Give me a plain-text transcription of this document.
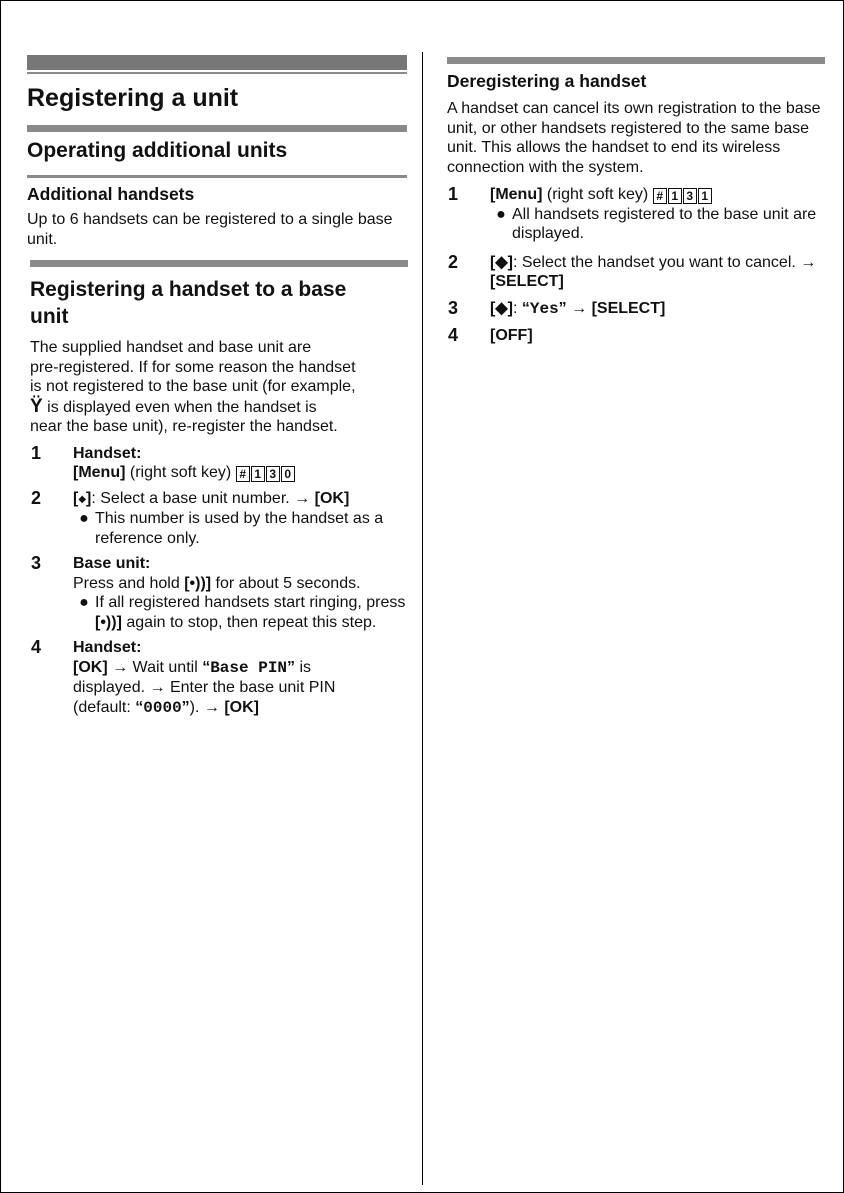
Registering a unit
Operating additional units
Additional handsets

Up to 6 handsets can be registered to a single base unit.

Registering a handset to a base
unit

The supplied handset and base unit are
pre-registered. If for some reason the handset
is not registered to the base unit (for example,
Ÿ is displayed even when the handset is
near the base unit), re-register the handset.

1	Handset:
[Menu] (right soft key) # 1 3 0
2	[◆]: Select a base unit number. → [OK]
● This number is used by the handset as a reference only.
3	Base unit:
Press and hold [•))] for about 5 seconds.
● If all registered handsets start ringing, press [•))] again to stop, then repeat this step.
4	Handset:
[OK] → Wait until “Base PIN” is
displayed. → Enter the base unit PIN
(default: “0000”). → [OK]
Deregistering a handset

A handset can cancel its own registration to the base unit, or other handsets registered to the same base unit. This allows the handset to end its wireless connection with the system.

1	[Menu] (right soft key) # 1 3 1
● All handsets registered to the base unit are displayed.
2	[◆]: Select the handset you want to cancel. → [SELECT]
3	[◆]: “Yes” → [SELECT]
4	[OFF]
